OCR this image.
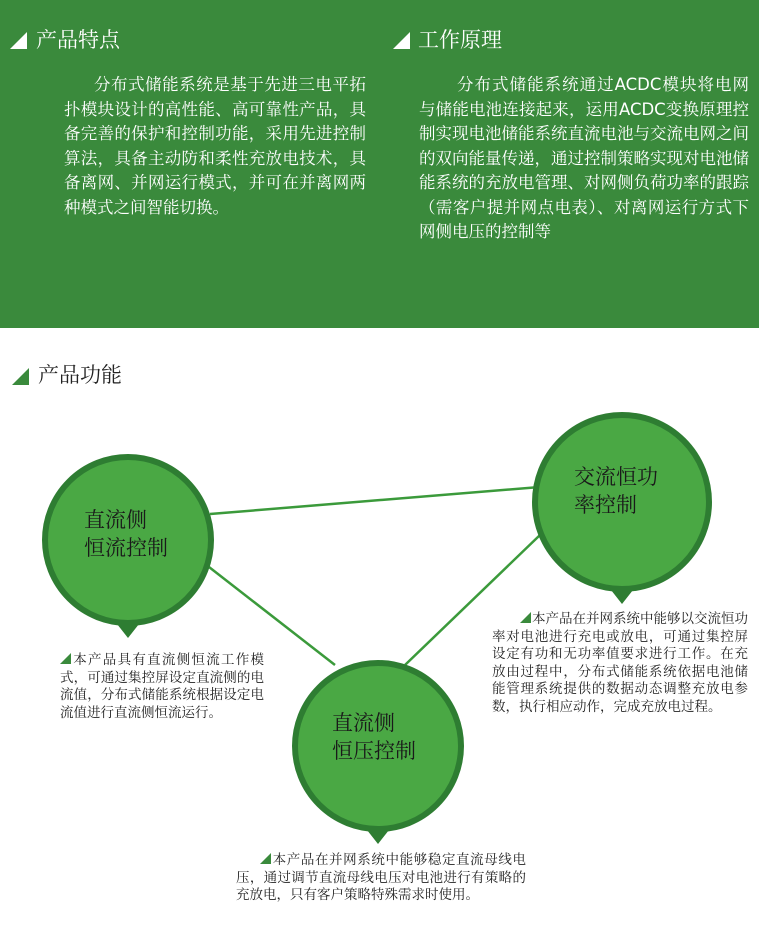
产品特点
分布式储能系统是基于先进三电平拓扑模块设计的高性能、高可靠性产品，具备完善的保护和控制功能，采用先进控制算法，具备主动防和柔性充放电技术，具备离网、并网运行模式，并可在并离网两种模式之间智能切换。
工作原理
分布式储能系统通过ACDC模块将电网与储能电池连接起来，运用ACDC变换原理控制实现电池储能系统直流电池与交流电网之间的双向能量传递，通过控制策略实现对电池储能系统的充放电管理、对网侧负荷功率的跟踪（需客户提并网点电表）、对离网运行方式下网侧电压的控制等
产品功能
直流侧
恒流控制
交流恒功
率控制
直流侧
恒压控制
本产品具有直流侧恒流工作模式，可通过集控屏设定直流侧的电流值，分布式储能系统根据设定电流值进行直流侧恒流运行。
本产品在并网系统中能够以交流恒功率对电池进行充电或放电，可通过集控屏设定有功和无功率值要求进行工作。在充放由过程中，分布式储能系统依据电池储能管理系统提供的数据动态调整充放电参数，执行相应动作，完成充放电过程。
本产品在并网系统中能够稳定直流母线电压，通过调节直流母线电压对电池进行有策略的充放电，只有客户策略特殊需求时使用。
